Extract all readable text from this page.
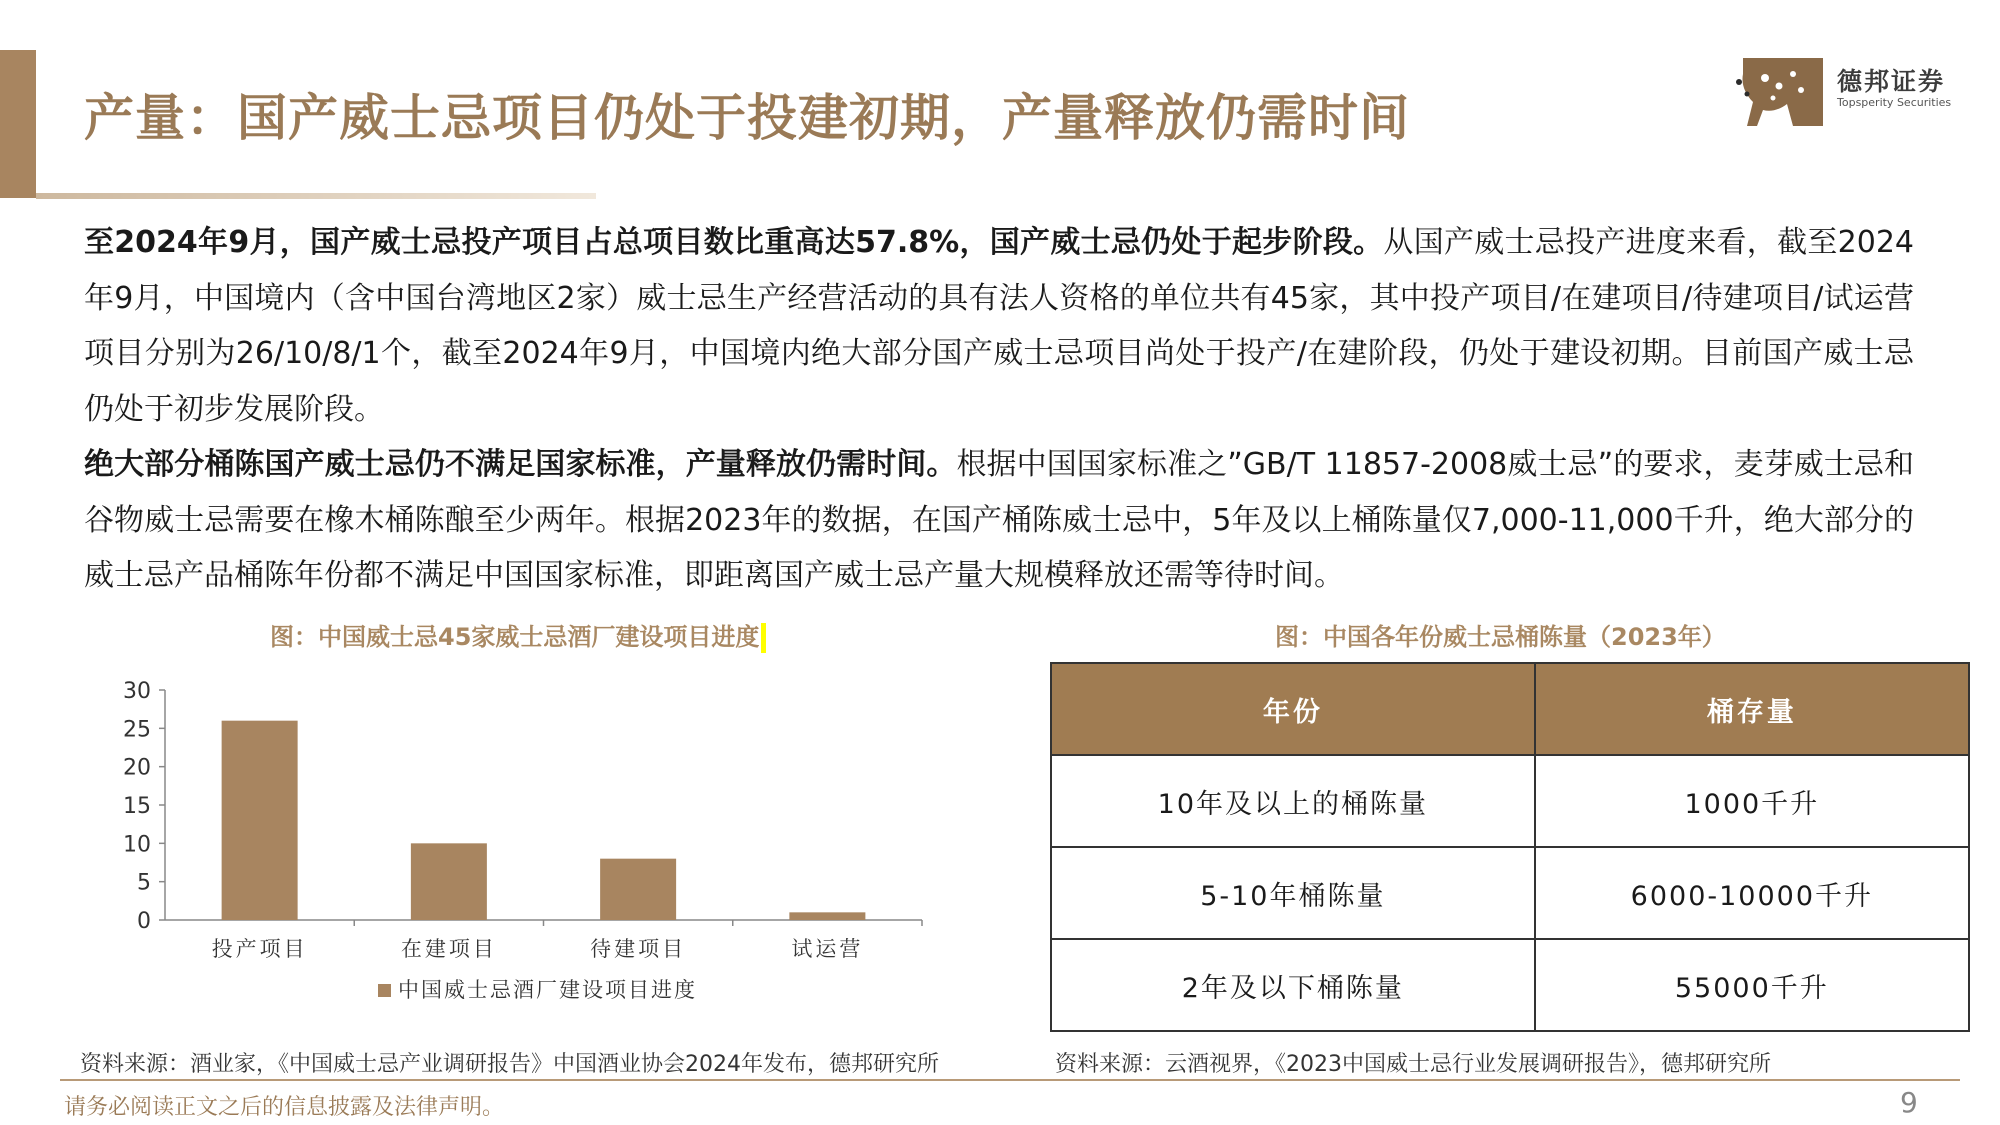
产量：国产威士忌项目仍处于投建初期，产量释放仍需时间
德邦证券
Topsperity Securities

至2024年9月，国产威士忌投产项目占总项目数比重高达57.8%，国产威士忌仍处于起步阶段。从国产威士忌投产进度来看，截至2024年9月，中国境内（含中国台湾地区2家）威士忌生产经营活动的具有法人资格的单位共有45家，其中投产项目/在建项目/待建项目/试运营项目分别为26/10/8/1个，截至2024年9月，中国境内绝大部分国产威士忌项目尚处于投产/在建阶段，仍处于建设初期。目前国产威士忌仍处于初步发展阶段。

绝大部分桶陈国产威士忌仍不满足国家标准，产量释放仍需时间。根据中国国家标准之”GB/T 11857-2008威士忌”的要求，麦芽威士忌和谷物威士忌需要在橡木桶陈酿至少两年。根据2023年的数据，在国产桶陈威士忌中，5年及以上桶陈量仅7,000-11,000千升，绝大部分的威士忌产品桶陈年份都不满足中国国家标准，即距离国产威士忌产量大规模释放还需等待时间。

图：中国威士忌45家威士忌酒厂建设项目进度	图：中国各年份威士忌桶陈量（2023年）
0
5
10
15
20
25
30
投产项目	在建项目	待建项目	试运营
中国威士忌酒厂建设项目进度
年份	桶存量
10年及以上的桶陈量	1000千升
5-10年桶陈量	6000-10000千升
2年及以下桶陈量	55000千升
资料来源：酒业家，《中国威士忌产业调研报告》中国酒业协会2024年发布，德邦研究所	资料来源：云酒视界，《2023中国威士忌行业发展调研报告》，德邦研究所
请务必阅读正文之后的信息披露及法律声明。	9
